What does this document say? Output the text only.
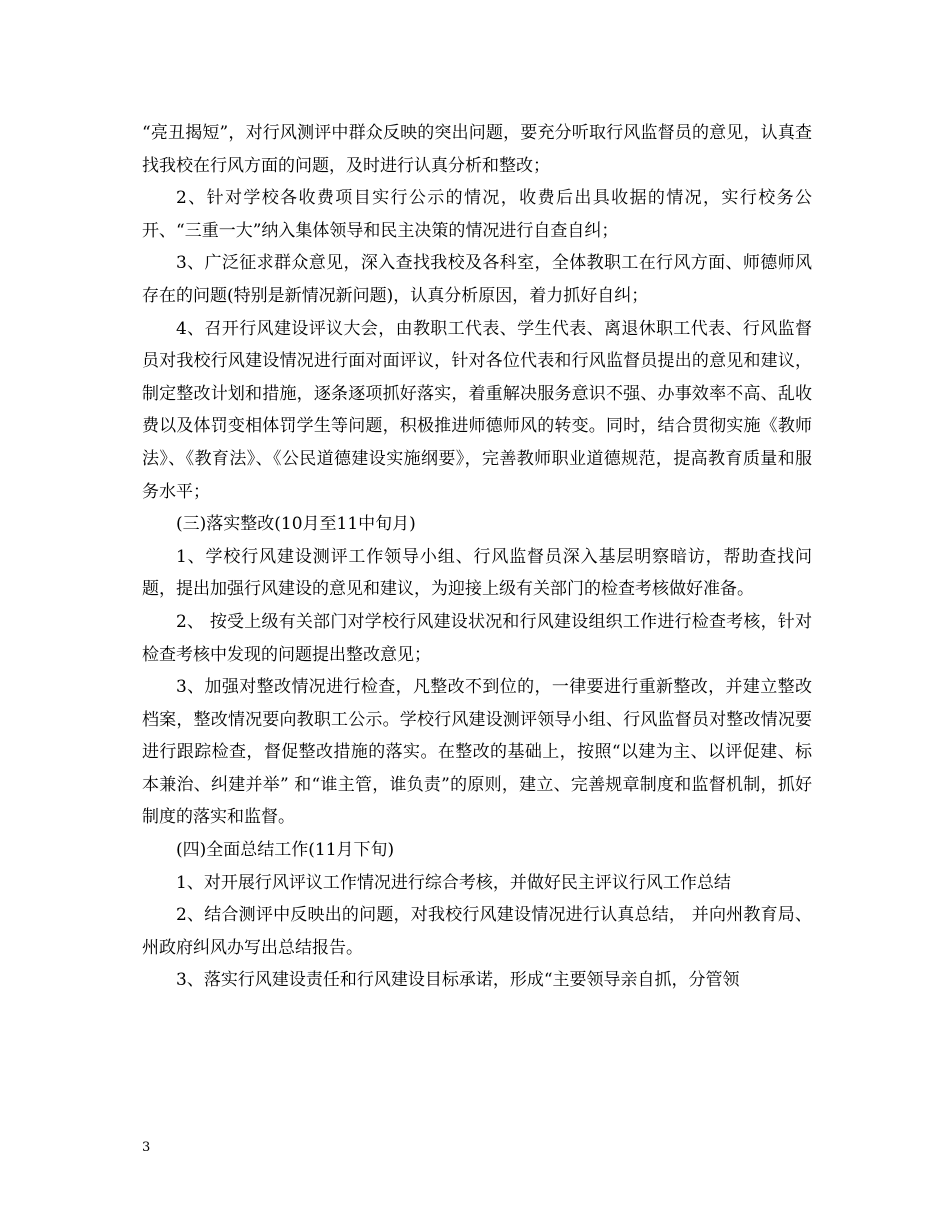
“亮丑揭短”，对行风测评中群众反映的突出问题，要充分听取行风监督员的意见，认真查找我校在行风方面的问题，及时进行认真分析和整改；

2、针对学校各收费项目实行公示的情况，收费后出具收据的情况，实行校务公开、“三重一大”纳入集体领导和民主决策的情况进行自查自纠；

3、广泛征求群众意见，深入查找我校及各科室，全体教职工在行风方面、师德师风存在的问题(特别是新情况新问题)，认真分析原因，着力抓好自纠；

4、召开行风建设评议大会，由教职工代表、学生代表、离退休职工代表、行风监督员对我校行风建设情况进行面对面评议，针对各位代表和行风监督员提出的意见和建议，制定整改计划和措施，逐条逐项抓好落实，着重解决服务意识不强、办事效率不高、乱收费以及体罚变相体罚学生等问题，积极推进师德师风的转变。同时，结合贯彻实施《教师法》、《教育法》、《公民道德建设实施纲要》，完善教师职业道德规范，提高教育质量和服务水平；

(三)落实整改(10月至11中旬月)

1、学校行风建设测评工作领导小组、行风监督员深入基层明察暗访，帮助查找问题，提出加强行风建设的意见和建议，为迎接上级有关部门的检查考核做好准备。

2、 按受上级有关部门对学校行风建设状况和行风建设组织工作进行检查考核，针对检查考核中发现的问题提出整改意见；

3、加强对整改情况进行检查，凡整改不到位的，一律要进行重新整改，并建立整改档案，整改情况要向教职工公示。学校行风建设测评领导小组、行风监督员对整改情况要进行跟踪检查，督促整改措施的落实。在整改的基础上，按照“以建为主、以评促建、标本兼治、纠建并举” 和“谁主管，谁负责”的原则，建立、完善规章制度和监督机制，抓好制度的落实和监督。

(四)全面总结工作(11月下旬)

1、对开展行风评议工作情况进行综合考核，并做好民主评议行风工作总结

2、结合测评中反映出的问题，对我校行风建设情况进行认真总结， 并向州教育局、州政府纠风办写出总结报告。

3、落实行风建设责任和行风建设目标承诺，形成“主要领导亲自抓，分管领

3
